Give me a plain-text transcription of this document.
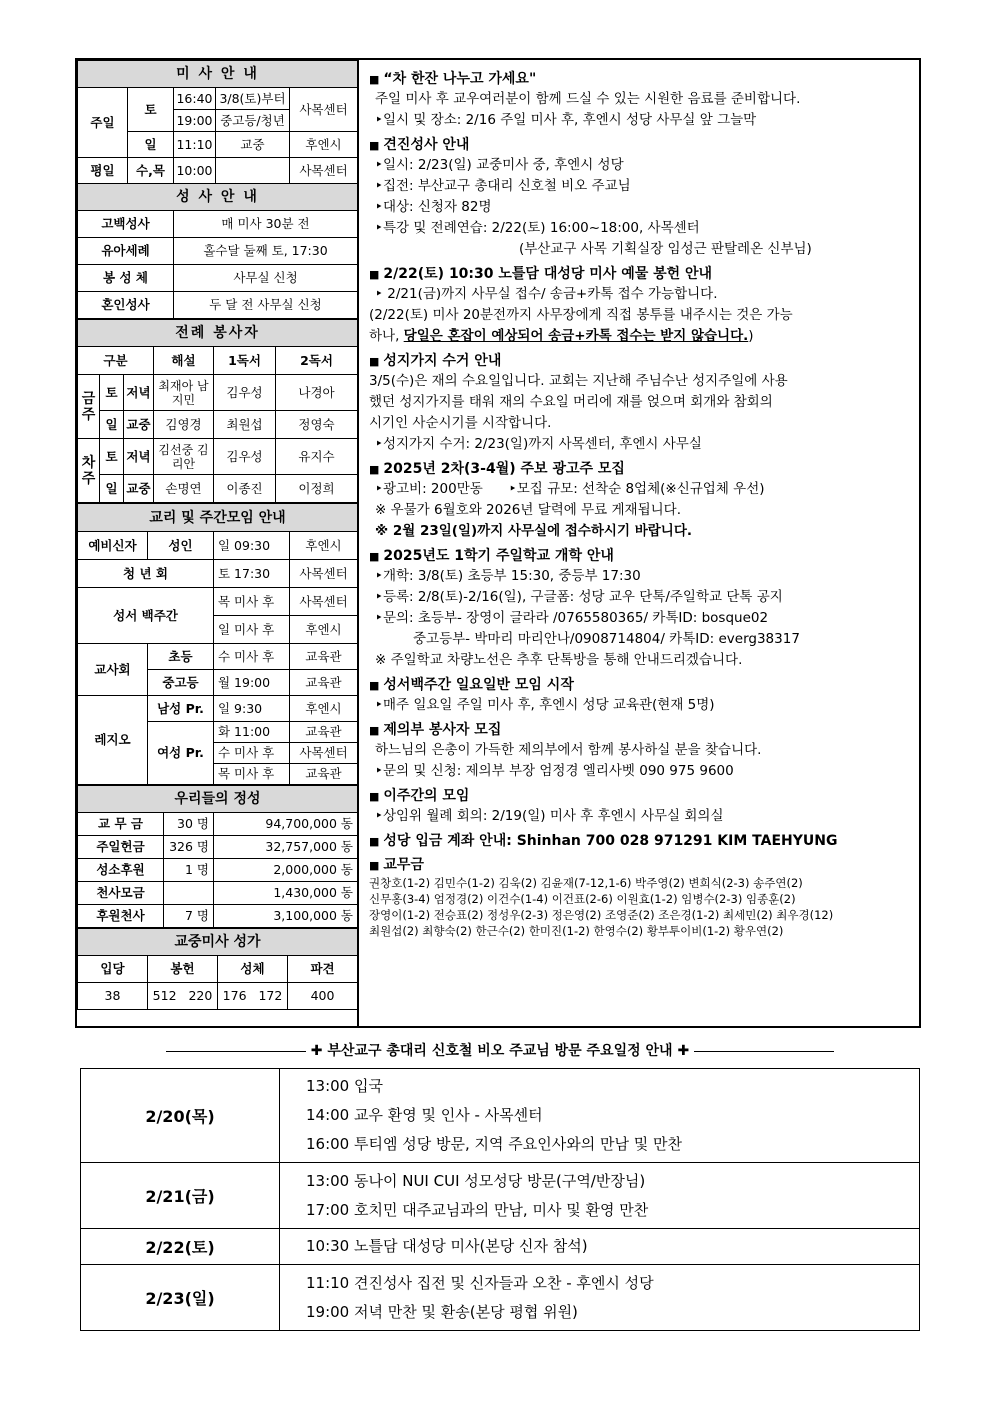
미 사 안 내				
주일	토	16:40	3/8(토)부터	사목센터
		19:00	중고등/청년	
	일	11:10	교중	후엔시
평일	수,목	10:00		사목센터
성 사 안 내				
고백성사		매 미사 30분 전		
유아세례		홀수달 둘째 토, 17:30		
봉 성 체		사무실 신청		
혼인성사		두 달 전 사무실 신청		
전례 봉사자					
구분			해설	1독서	2독서
금주	토	저녁	최재아 남지민	김우성	나경아
	일	교중	김영경	최원섭	정영숙
차주	토	저녁	김선중 김리안	김우성	유지수
	일	교중	손명연	이종진	이정희
교리 및 주간모임 안내			
예비신자	성인	일 09:30	후엔시
청 년 회		토 17:30	사목센터
성서 백주간		목 미사 후	사목센터
		일 미사 후	후엔시
교사회	초등	수 미사 후	교육관
	중고등	월 19:00	교육관
레지오	남성 Pr.	일 9:30	후엔시
	여성 Pr.	화 11:00	교육관
		수 미사 후	사목센터
		목 미사 후	교육관
우리들의 정성		
교 무 금	30 명	94,700,000 동
주일헌금	326 명	32,757,000 동
성소후원	1 명	2,000,000 동
천사모금		1,430,000 동
후원천사	7 명	3,100,000 동
교중미사 성가			
입당	봉헌	성체	파견
38	512 220	176 172	400
■ “차 한잔 나누고 가세요"
주일 미사 후 교우여러분이 함께 드실 수 있는 시원한 음료를 준비합니다.
‣일시 및 장소: 2/16 주일 미사 후, 후엔시 성당 사무실 앞 그늘막
■ 견진성사 안내
‣일시: 2/23(일) 교중미사 중, 후엔시 성당
‣집전: 부산교구 총대리 신호철 비오 주교님
‣대상: 신청자 82명
‣특강 및 전례연습: 2/22(토) 16:00~18:00, 사목센터
(부산교구 사목 기획실장 임성근 판탈레온 신부님)
■ 2/22(토) 10:30 노틀담 대성당 미사 예물 봉헌 안내
‣ 2/21(금)까지 사무실 접수/ 송금+카톡 접수 가능합니다.
(2/22(토) 미사 20분전까지 사무장에게 직접 봉투를 내주시는 것은 가능
하나, 당일은 혼잡이 예상되어 송금+카톡 접수는 받지 않습니다.)
■ 성지가지 수거 안내
3/5(수)은 재의 수요일입니다. 교회는 지난해 주님수난 성지주일에 사용
했던 성지가지를 태워 재의 수요일 머리에 재를 얹으며 회개와 참회의
시기인 사순시기를 시작합니다.
‣성지가지 수거: 2/23(일)까지 사목센터, 후엔시 사무실
■ 2025년 2차(3-4월) 주보 광고주 모집
‣광고비: 200만동 ‣모집 규모: 선착순 8업체(※신규업체 우선)
※ 우물가 6월호와 2026년 달력에 무료 게재됩니다.
※ 2월 23일(일)까지 사무실에 접수하시기 바랍니다.
■ 2025년도 1학기 주일학교 개학 안내
‣개학: 3/8(토) 초등부 15:30, 중등부 17:30
‣등록: 2/8(토)-2/16(일), 구글폼: 성당 교우 단톡/주일학교 단톡 공지
‣문의: 초등부- 장영이 글라라 /0765580365/ 카톡ID: bosque02
중고등부- 박마리 마리안나/0908714804/ 카톡ID: everg38317
※ 주일학교 차량노선은 추후 단톡방을 통해 안내드리겠습니다.
■ 성서백주간 일요일반 모임 시작
‣매주 일요일 주일 미사 후, 후엔시 성당 교육관(현재 5명)
■ 제의부 봉사자 모집
하느님의 은총이 가득한 제의부에서 함께 봉사하실 분을 찾습니다.
‣문의 및 신청: 제의부 부장 엄정경 엘리사벳 090 975 9600
■ 이주간의 모임
‣상임위 월례 회의: 2/19(일) 미사 후 후엔시 사무실 회의실
■ 성당 입금 계좌 안내: Shinhan 700 028 971291 KIM TAEHYUNG
■ 교무금
권창호(1-2) 김민수(1-2) 김욱(2) 김윤재(7-12,1-6) 박주영(2) 변희식(2-3) 송주연(2)
신무홍(3-4) 엄정경(2) 이건수(1-4) 이건표(2-6) 이원효(1-2) 임병수(2-3) 임종훈(2)
장영이(1-2) 전승표(2) 정성우(2-3) 정은영(2) 조영준(2) 조은경(1-2) 최세민(2) 최우경(12)
최원섭(2) 최향숙(2) 한근수(2) 한미진(1-2) 한영수(2) 황부투이비(1-2) 황우연(2)
✚ 부산교구 총대리 신호철 비오 주교님 방문 주요일정 안내 ✚
2/20(목)	13:00 입국
14:00 교우 환영 및 인사 - 사목센터
16:00 투티엠 성당 방문, 지역 주요인사와의 만남 및 만찬

2/21(금)	13:00 동나이 NUI CUI 성모성당 방문(구역/반장님)
17:00 호치민 대주교님과의 만남, 미사 및 환영 만찬

2/22(토)	10:30 노틀담 대성당 미사(본당 신자 참석)

2/23(일)	11:10 견진성사 집전 및 신자들과 오찬 - 후엔시 성당
19:00 저녁 만찬 및 환송(본당 평협 위원)
